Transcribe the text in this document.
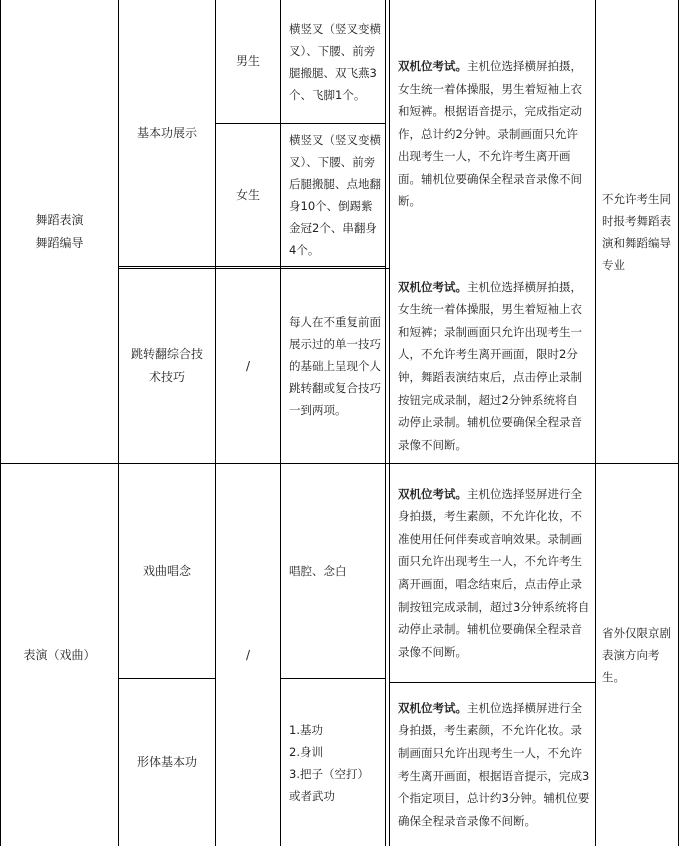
舞蹈表演
舞蹈编导
基本功展示
男生
横竖叉（竖叉变横叉）、下腰、前旁腿搬腿、双飞燕3个、飞脚1个。
女生
横竖叉（竖叉变横叉）、下腰、前旁后腿搬腿、点地翻身10个、倒踢紫金冠2个、串翻身4个。
双机位考试。主机位选择横屏拍摄，女生统一着体操服，男生着短袖上衣和短裤。根据语音提示，完成指定动作，总计约2分钟。录制画面只允许出现考生一人，不允许考生离开画面。辅机位要确保全程录音录像不间断。
跳转翻综合技术技巧
/
每人在不重复前面展示过的单一技巧的基础上呈现个人跳转翻或复合技巧一到两项。
双机位考试。主机位选择横屏拍摄，女生统一着体操服，男生着短袖上衣和短裤；录制画面只允许出现考生一人，不允许考生离开画面，限时2分钟，舞蹈表演结束后，点击停止录制按钮完成录制，超过2分钟系统将自动停止录制。辅机位要确保全程录音录像不间断。
不允许考生同时报考舞蹈表演和舞蹈编导专业
表演（戏曲）
戏曲唱念
/
唱腔、念白
双机位考试。主机位选择竖屏进行全身拍摄，考生素颜，不允许化妆，不准使用任何伴奏或音响效果。录制画面只允许出现考生一人，不允许考生离开画面，唱念结束后，点击停止录制按钮完成录制，超过3分钟系统将自动停止录制。辅机位要确保全程录音录像不间断。
形体基本功
1.基功
2.身训
3.把子（空打）
或者武功
双机位考试。主机位选择横屏进行全身拍摄，考生素颜，不允许化妆。录制画面只允许出现考生一人，不允许考生离开画面，根据语音提示，完成3个指定项目，总计约3分钟。辅机位要确保全程录音录像不间断。
省外仅限京剧表演方向考生。
